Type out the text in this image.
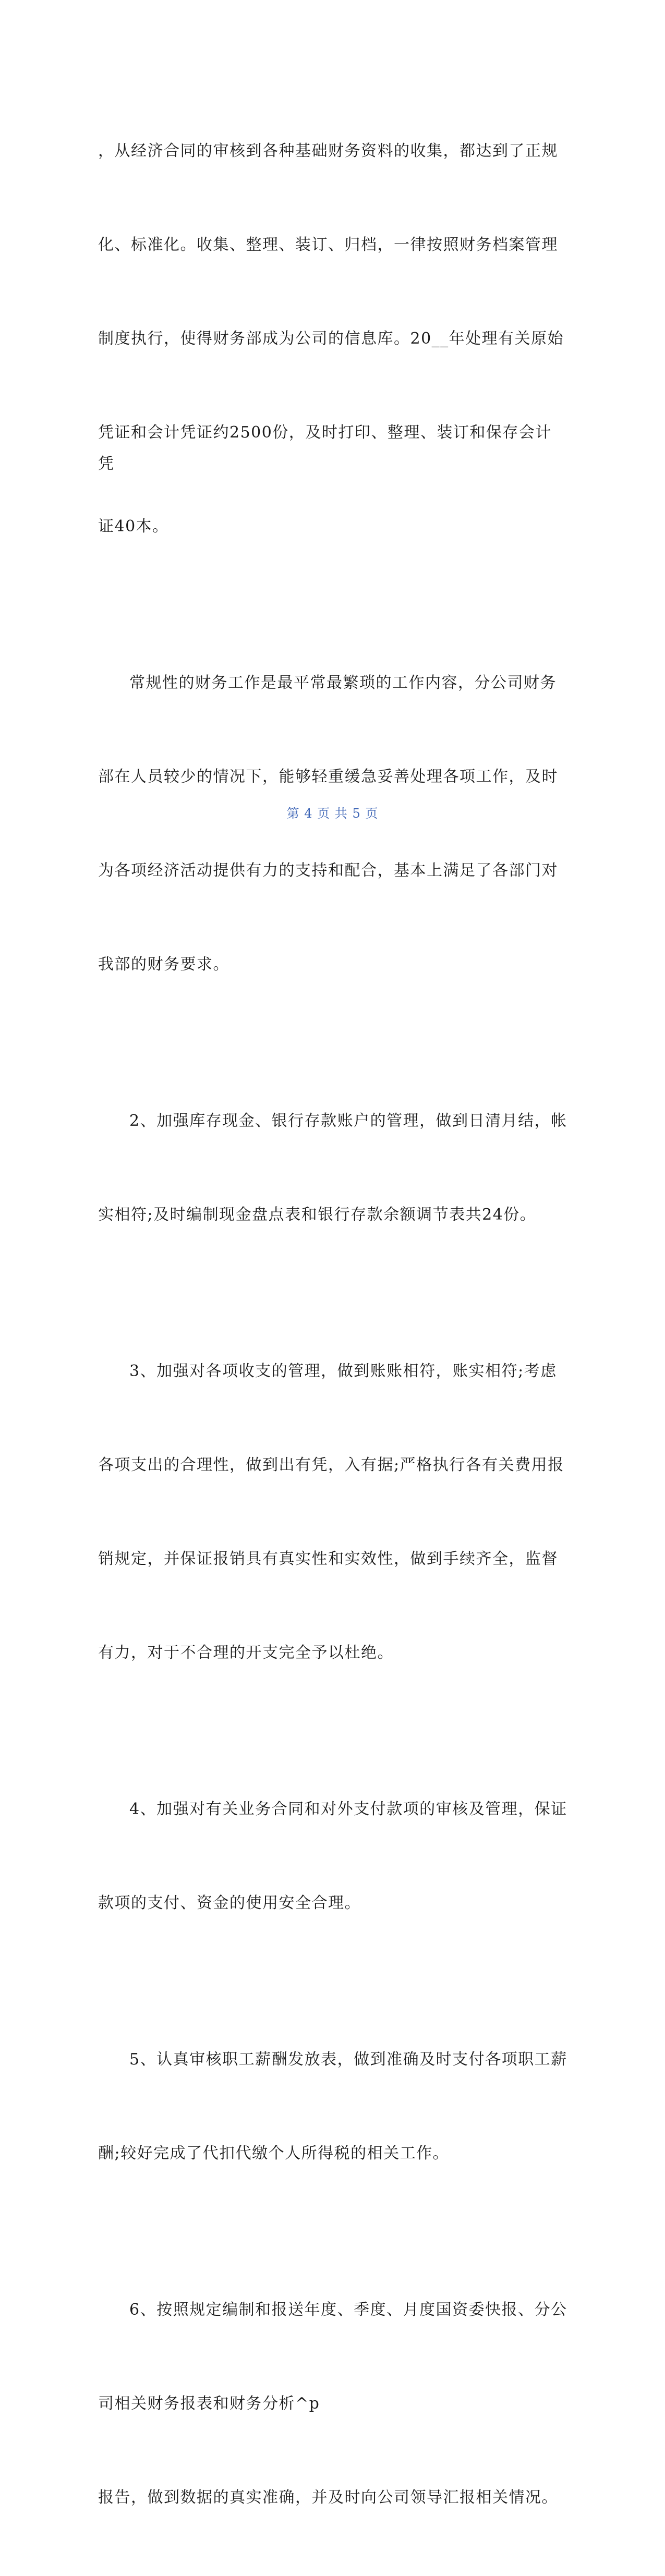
，从经济合同的审核到各种基础财务资料的收集，都达到了正规

化、标准化。收集、整理、装订、归档，一律按照财务档案管理

制度执行，使得财务部成为公司的信息库。20__年处理有关原始

凭证和会计凭证约2500份，及时打印、整理、装订和保存会计凭

证40本。

常规性的财务工作是最平常最繁琐的工作内容，分公司财务

部在人员较少的情况下，能够轻重缓急妥善处理各项工作，及时

为各项经济活动提供有力的支持和配合，基本上满足了各部门对

我部的财务要求。

2、加强库存现金、银行存款账户的管理，做到日清月结，帐

实相符;及时编制现金盘点表和银行存款余额调节表共24份。

3、加强对各项收支的管理，做到账账相符，账实相符;考虑

各项支出的合理性，做到出有凭，入有据;严格执行各有关费用报

销规定，并保证报销具有真实性和实效性，做到手续齐全，监督

有力，对于不合理的开支完全予以杜绝。

4、加强对有关业务合同和对外支付款项的审核及管理，保证

款项的支付、资金的使用安全合理。

5、认真审核职工薪酬发放表，做到准确及时支付各项职工薪

酬;较好完成了代扣代缴个人所得税的相关工作。

6、按照规定编制和报送年度、季度、月度国资委快报、分公

司相关财务报表和财务分析^p

报告，做到数据的真实准确，并及时向公司领导汇报相关情况。

第 4 页 共 5 页
